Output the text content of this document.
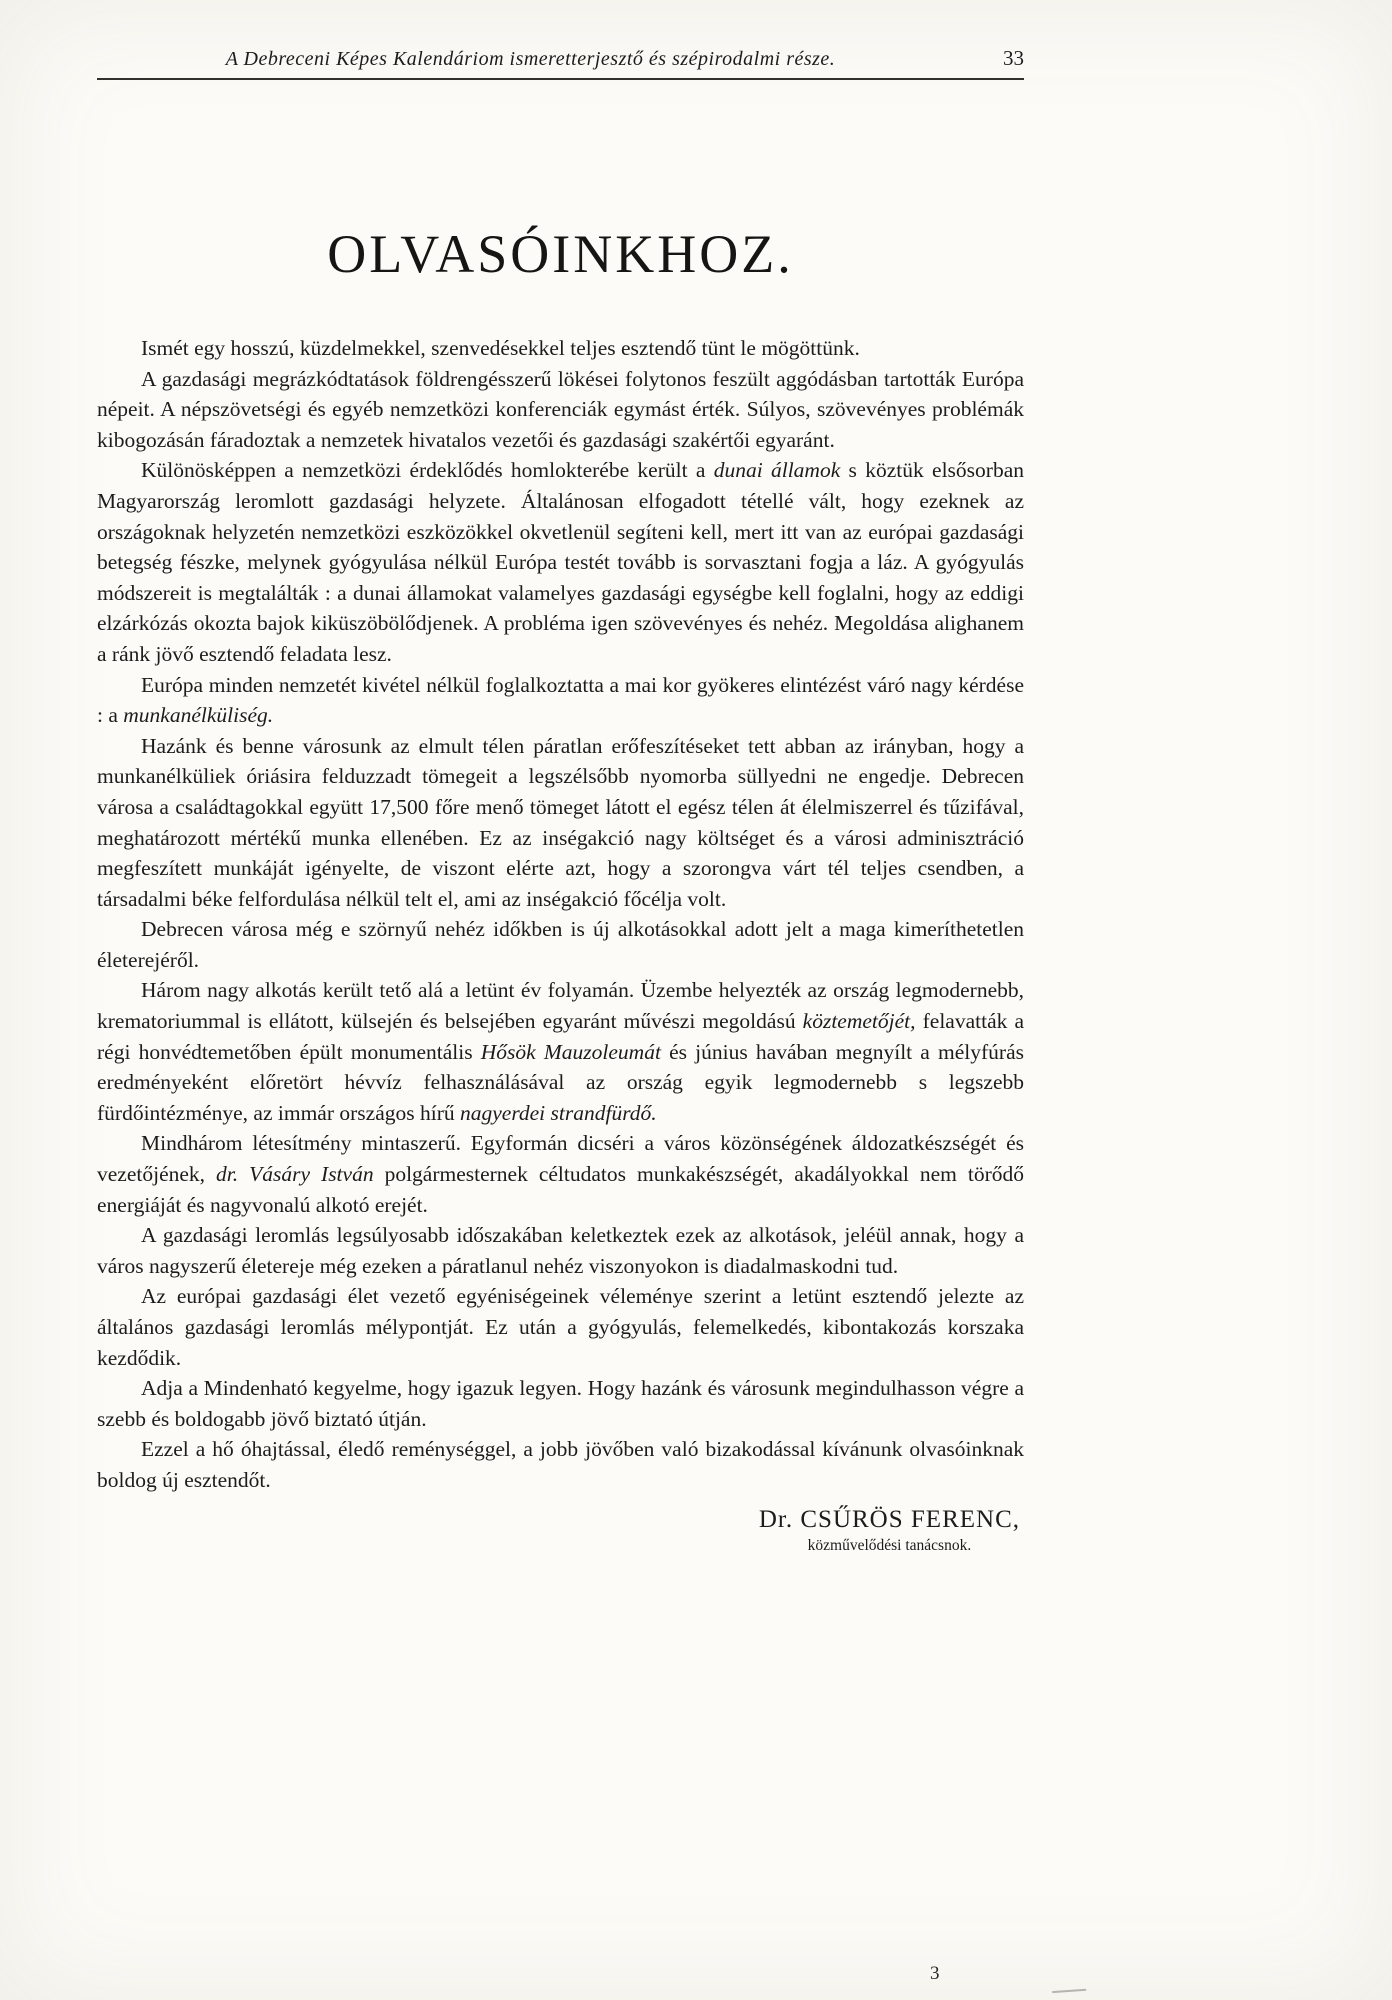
A Debreceni Képes Kalendáriom ismeretterjesztő és szépirodalmi része.	33
OLVASÓINKHOZ.

Ismét egy hosszú, küzdelmekkel, szenvedésekkel teljes esztendő tünt le mögöttünk.

A gazdasági megrázkódtatások földrengésszerű lökései folytonos feszült aggódásban tartották Európa népeit. A népszövetségi és egyéb nemzetközi konferenciák egymást érték. Súlyos, szövevényes problémák kibogozásán fáradoztak a nemzetek hivatalos vezetői és gazdasági szakértői egyaránt.

Különösképpen a nemzetközi érdeklődés homlokterébe került a dunai államok s köztük elsősorban Magyarország leromlott gazdasági helyzete. Általánosan elfogadott tétellé vált, hogy ezeknek az országoknak helyzetén nemzetközi eszközökkel okvetlenül segíteni kell, mert itt van az európai gazdasági betegség fészke, melynek gyógyulása nélkül Európa testét tovább is sorvasztani fogja a láz. A gyógyulás módszereit is megtalálták : a dunai államokat valamelyes gazdasági egységbe kell foglalni, hogy az eddigi elzárkózás okozta bajok kiküszöbölődjenek. A probléma igen szövevényes és nehéz. Megoldása alighanem a ránk jövő esztendő feladata lesz.

Európa minden nemzetét kivétel nélkül foglalkoztatta a mai kor gyökeres elintézést váró nagy kérdése : a munkanélküliség.

Hazánk és benne városunk az elmult télen páratlan erőfeszítéseket tett abban az irányban, hogy a munkanélküliek óriásira felduzzadt tömegeit a legszélsőbb nyomorba süllyedni ne engedje. Debrecen városa a családtagokkal együtt 17,500 főre menő tömeget látott el egész télen át élelmiszerrel és tűzifával, meghatározott mértékű munka ellenében. Ez az inségakció nagy költséget és a városi adminisztráció megfeszített munkáját igényelte, de viszont elérte azt, hogy a szorongva várt tél teljes csendben, a társadalmi béke felfordulása nélkül telt el, ami az inségakció főcélja volt.

Debrecen városa még e szörnyű nehéz időkben is új alkotásokkal adott jelt a maga kimeríthetetlen életerejéről.

Három nagy alkotás került tető alá a letünt év folyamán. Üzembe helyezték az ország legmodernebb, krematoriummal is ellátott, külsején és belsejében egyaránt művészi megoldású köztemetőjét, felavatták a régi honvédtemetőben épült monumentális Hősök Mauzoleumát és június havában megnyílt a mélyfúrás eredményeként előretört hévvíz felhasználásával az ország egyik legmodernebb s legszebb fürdőintézménye, az immár országos hírű nagyerdei strandfürdő.

Mindhárom létesítmény mintaszerű. Egyformán dicséri a város közönségének áldozatkészségét és vezetőjének, dr. Vásáry István polgármesternek céltudatos munkakészségét, akadályokkal nem törődő energiáját és nagyvonalú alkotó erejét.

A gazdasági leromlás legsúlyosabb időszakában keletkeztek ezek az alkotások, jeléül annak, hogy a város nagyszerű életereje még ezeken a páratlanul nehéz viszonyokon is diadalmaskodni tud.

Az európai gazdasági élet vezető egyéniségeinek véleménye szerint a letünt esztendő jelezte az általános gazdasági leromlás mélypontját. Ez után a gyógyulás, felemelkedés, kibontakozás korszaka kezdődik.

Adja a Mindenható kegyelme, hogy igazuk legyen. Hogy hazánk és városunk megindulhasson végre a szebb és boldogabb jövő biztató útján.

Ezzel a hő óhajtással, éledő reménységgel, a jobb jövőben való bizakodással kívánunk olvasóinknak boldog új esztendőt.

Dr. CSŰRÖS FERENC,
közművelődési tanácsnok.
3
